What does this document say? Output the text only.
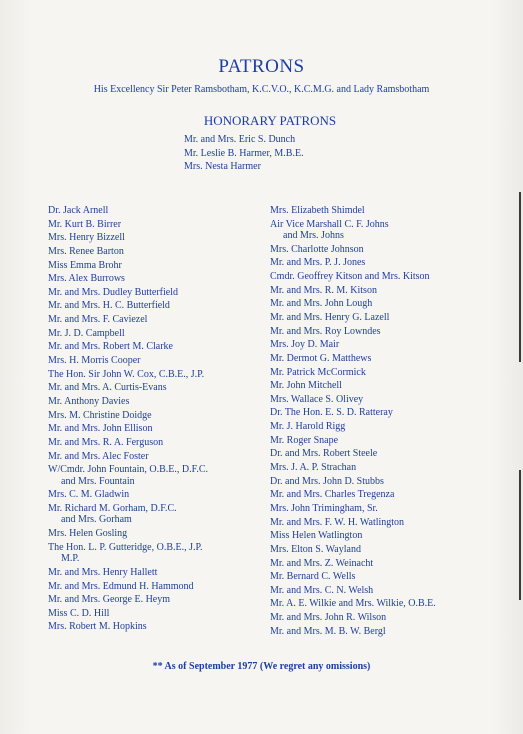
PATRONS
His Excellency Sir Peter Ramsbotham, K.C.V.O., K.C.M.G. and Lady Ramsbotham
HONORARY PATRONS
Mr. and Mrs. Eric S. Dunch
Mr. Leslie B. Harmer, M.B.E.
Mrs. Nesta Harmer
Dr. Jack Arnell
Mr. Kurt B. Birrer
Mrs. Henry Bizzell
Mrs. Renee Barton
Miss Emma Brohr
Mrs. Alex Burrows
Mr. and Mrs. Dudley Butterfield
Mr. and Mrs. H. C. Butterfield
Mr. and Mrs. F. Caviezel
Mr. J. D. Campbell
Mr. and Mrs. Robert M. Clarke
Mrs. H. Morris Cooper
The Hon. Sir John W. Cox, C.B.E., J.P.
Mr. and Mrs. A. Curtis-Evans
Mr. Anthony Davies
Mrs. M. Christine Doidge
Mr. and Mrs. John Ellison
Mr. and Mrs. R. A. Ferguson
Mr. and Mrs. Alec Foster
W/Cmdr. John Fountain, O.B.E., D.F.C.
and Mrs. Fountain
Mrs. C. M. Gladwin
Mr. Richard M. Gorham, D.F.C.
and Mrs. Gorham
Mrs. Helen Gosling
The Hon. L. P. Gutteridge, O.B.E., J.P.
M.P.
Mr. and Mrs. Henry Hallett
Mr. and Mrs. Edmund H. Hammond
Mr. and Mrs. George E. Heym
Miss C. D. Hill
Mrs. Robert M. Hopkins
Mrs. Elizabeth Shimdel
Air Vice Marshall C. F. Johns
and Mrs. Johns
Mrs. Charlotte Johnson
Mr. and Mrs. P. J. Jones
Cmdr. Geoffrey Kitson and Mrs. Kitson
Mr. and Mrs. R. M. Kitson
Mr. and Mrs. John Lough
Mr. and Mrs. Henry G. Lazell
Mr. and Mrs. Roy Lowndes
Mrs. Joy D. Mair
Mr. Dermot G. Matthews
Mr. Patrick McCormick
Mr. John Mitchell
Mrs. Wallace S. Olivey
Dr. The Hon. E. S. D. Ratteray
Mr. J. Harold Rigg
Mr. Roger Snape
Dr. and Mrs. Robert Steele
Mrs. J. A. P. Strachan
Dr. and Mrs. John D. Stubbs
Mr. and Mrs. Charles Tregenza
Mrs. John Trimingham, Sr.
Mr. and Mrs. F. W. H. Watlington
Miss Helen Watlington
Mrs. Elton S. Wayland
Mr. and Mrs. Z. Weinacht
Mr. Bernard C. Wells
Mr. and Mrs. C. N. Welsh
Mr. A. E. Wilkie and Mrs. Wilkie, O.B.E.
Mr. and Mrs. John R. Wilson
Mr. and Mrs. M. B. W. Bergl
** As of September 1977 (We regret any omissions)
